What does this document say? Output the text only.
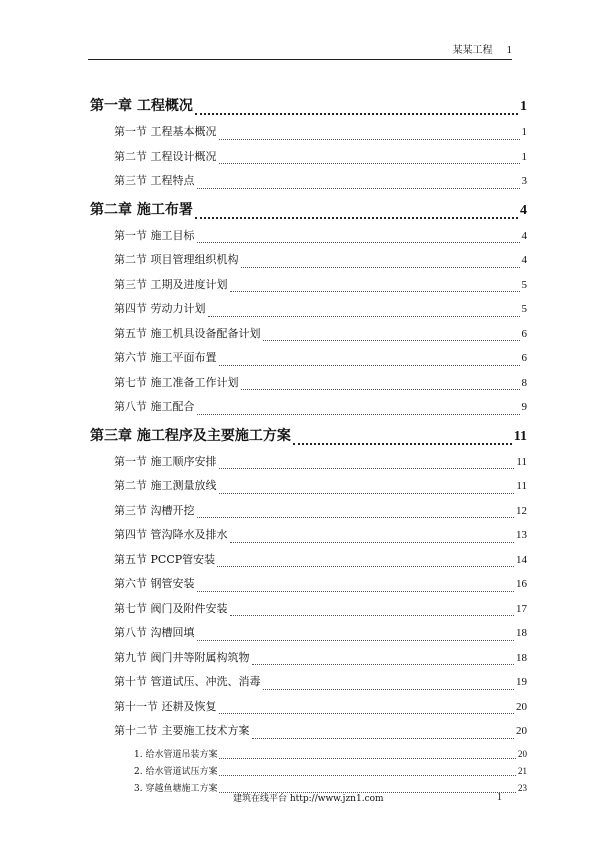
某某工程 1
第一章 工程概况	1
第一节 工程基本概况	1
第二节 工程设计概况	1
第三节 工程特点	3
第二章 施工布署	4
第一节 施工目标	4
第二节 项目管理组织机构	4
第三节 工期及进度计划	5
第四节 劳动力计划	5
第五节 施工机具设备配备计划	6
第六节 施工平面布置	6
第七节 施工准备工作计划	8
第八节 施工配合	9
第三章 施工程序及主要施工方案	11
第一节 施工顺序安排	11
第二节 施工测量放线	11
第三节 沟槽开挖	12
第四节 管沟降水及排水	13
第五节 PCCP管安装	14
第六节 钢管安装	16
第七节 阀门及附件安装	17
第八节 沟槽回填	18
第九节 阀门井等附属构筑物	18
第十节 管道试压、冲洗、消毒	19
第十一节 还耕及恢复	20
第十二节 主要施工技术方案	20
1. 给水管道吊装方案	20
2. 给水管道试压方案	21
3. 穿越鱼塘施工方案	23
建筑在线平台 http://www.jzn1.com	1
